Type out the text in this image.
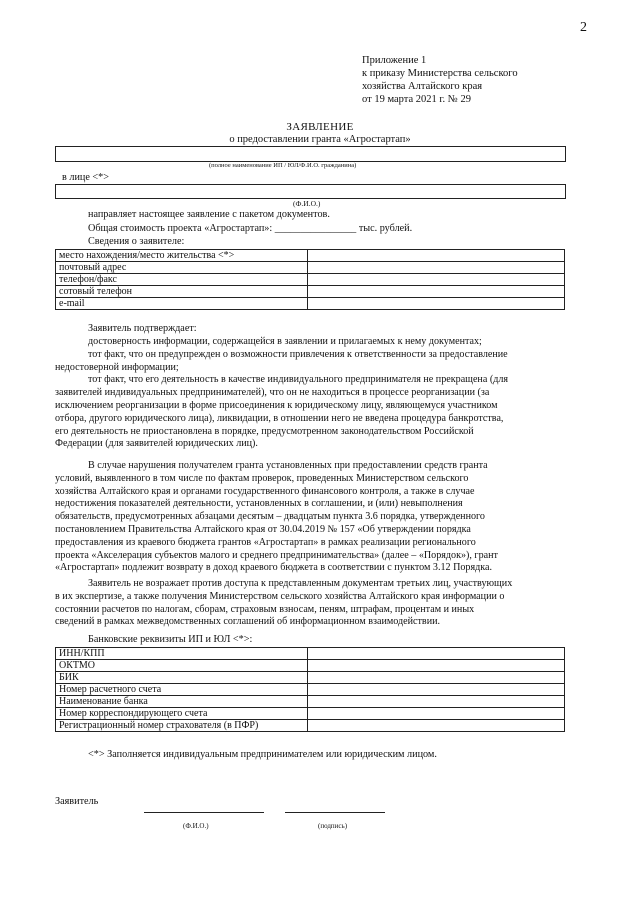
2
Приложение 1
к приказу Министерства сельского
хозяйства Алтайского края
от 19 марта 2021 г. № 29
ЗАЯВЛЕНИЕ
о предоставлении гранта «Агростартап»
(полное наименование ИП / ЮЛ/Ф.И.О. гражданина)
в лице <*>
(Ф.И.О.)
направляет настоящее заявление с пакетом документов.
Общая стоимость проекта «Агростартап»: ________________ тыс. рублей.
Сведения о заявителе:
место нахождения/место жительства <*>	
почтовый адрес	
телефон/факс	
сотовый телефон	
e-mail	
Заявитель подтверждает:
достоверность информации, содержащейся в заявлении и прилагаемых к нему документах;
тот факт, что он предупрежден о возможности привлечения к ответственности за предоставление
недостоверной информации;
тот факт, что его деятельность в качестве индивидуального предпринимателя не прекращена (для
заявителей индивидуальных предпринимателей), что он не находиться в процессе реорганизации (за
исключением реорганизации в форме присоединения к юридическому лицу, являющемуся участником
отбора, другого юридического лица), ликвидации, в отношении него не введена процедура банкротства,
его деятельность не приостановлена в порядке, предусмотренном законодательством Российской
Федерации (для заявителей юридических лиц).
В случае нарушения получателем гранта установленных при предоставлении средств гранта
условий, выявленного в том числе по фактам проверок, проведенных Министерством сельского
хозяйства Алтайского края и органами государственного финансового контроля, а также в случае
недостижения показателей деятельности, установленных в соглашении, и (или) невыполнения
обязательств, предусмотренных абзацами десятым – двадцатым пункта 3.6 порядка, утвержденного
постановлением Правительства Алтайского края от 30.04.2019 № 157 «Об утверждении порядка
предоставления из краевого бюджета грантов «Агростартап» в рамках реализации регионального
проекта «Акселерация субъектов малого и среднего предпринимательства» (далее – «Порядок»), грант
«Агростартап» подлежит возврату в доход краевого бюджета в соответствии с пунктом 3.12 Порядка.
Заявитель не возражает против доступа к представленным документам третьих лиц, участвующих
в их экспертизе, а также получения Министерством сельского хозяйства Алтайского края информации о
состоянии расчетов по налогам, сборам, страховым взносам, пеням, штрафам, процентам и иных
сведений в рамках межведомственных соглашений об информационном взаимодействии.
Банковские реквизиты ИП и ЮЛ <*>:
ИНН/КПП	
ОКТМО	
БИК	
Номер расчетного счета	
Наименование банка	
Номер корреспондирующего счета	
Регистрационный номер страхователя (в ПФР)	
<*> Заполняется индивидуальным предпринимателем или юридическим лицом.
Заявитель
(Ф.И.О.)	(подпись)
